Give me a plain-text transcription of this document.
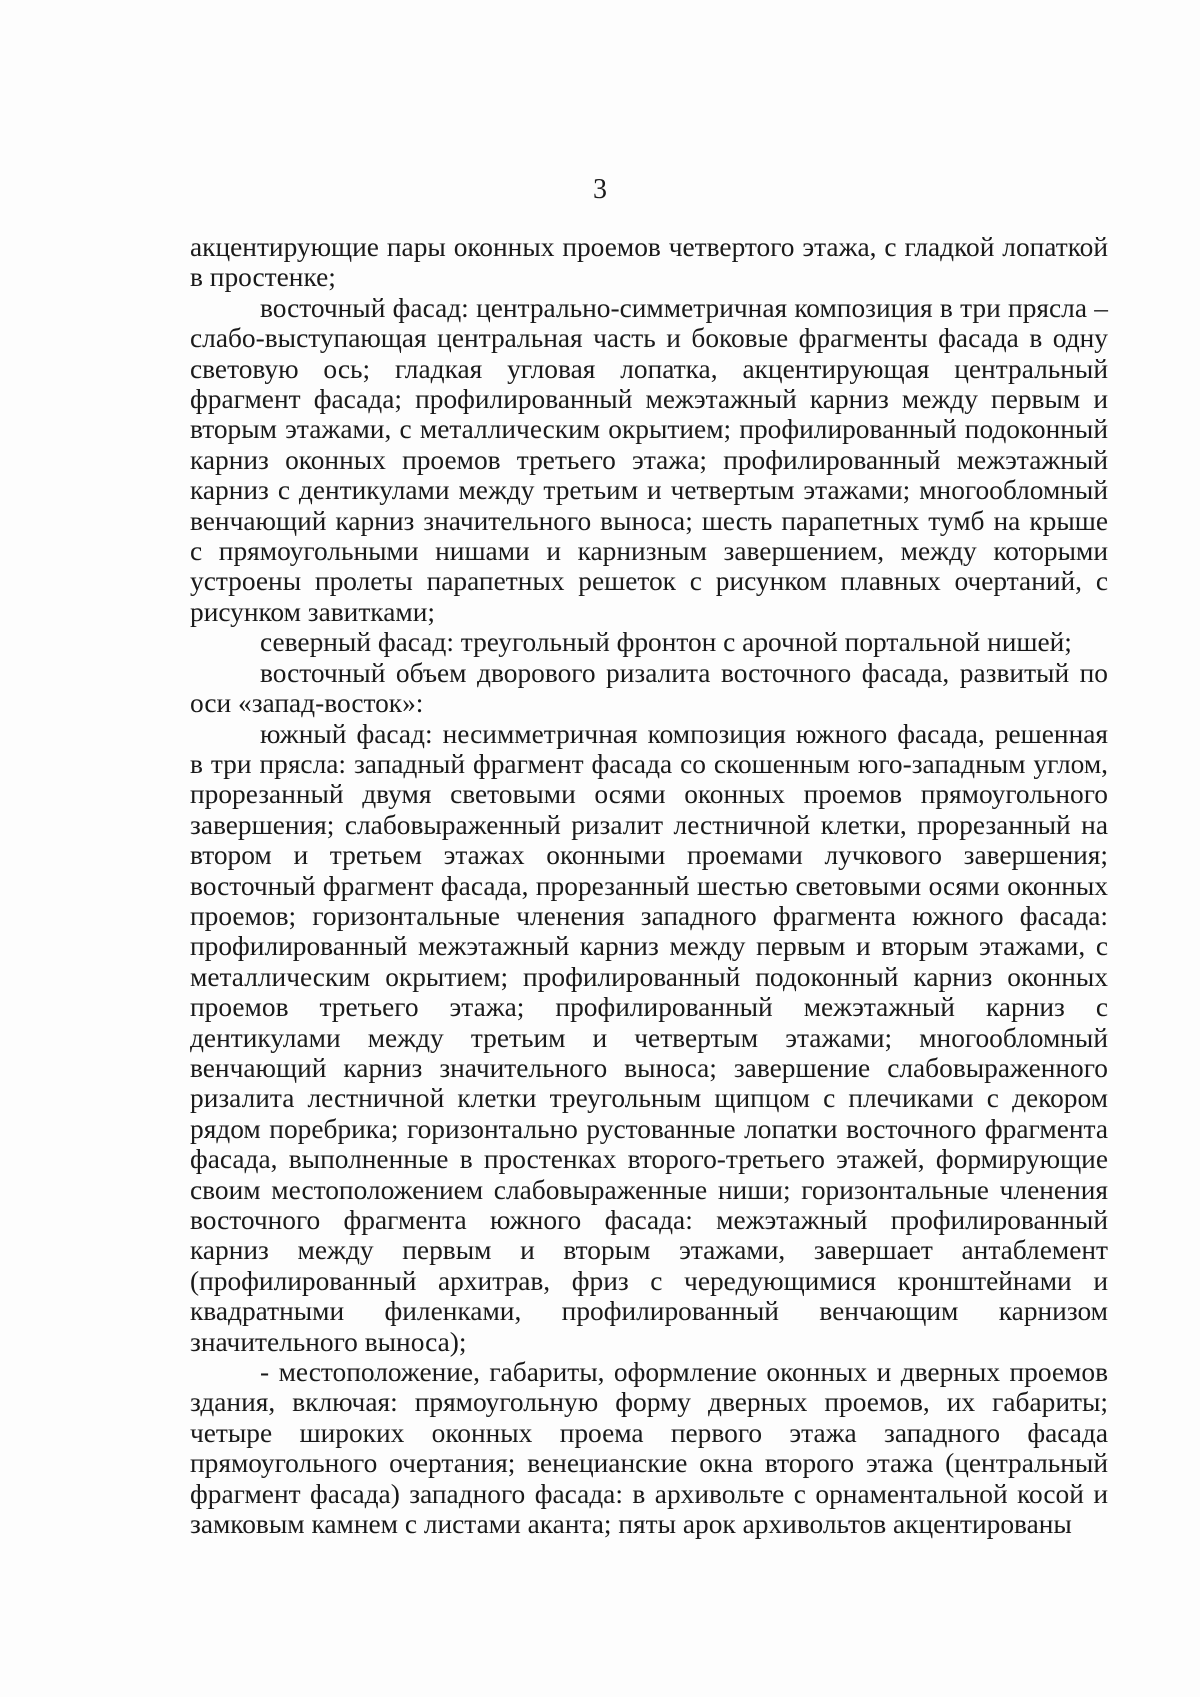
3

акцентирующие пары оконных проемов четвертого этажа, с гладкой лопаткой в простенке;

восточный фасад: центрально-симметричная композиция в три прясла – слабо-выступающая центральная часть и боковые фрагменты фасада в одну световую ось; гладкая угловая лопатка, акцентирующая центральный фрагмент фасада; профилированный межэтажный карниз между первым и вторым этажами, с металлическим окрытием; профилированный подоконный карниз оконных проемов третьего этажа; профилированный межэтажный карниз с дентикулами между третьим и четвертым этажами; многообломный венчающий карниз значительного выноса; шесть парапетных тумб на крыше с прямоугольными нишами и карнизным завершением, между которыми устроены пролеты парапетных решеток с рисунком плавных очертаний, с рисунком завитками;

северный фасад: треугольный фронтон с арочной портальной нишей;

восточный объем дворового ризалита восточного фасада, развитый по оси «запад-восток»:

южный фасад: несимметричная композиция южного фасада, решенная в три прясла: западный фрагмент фасада со скошенным юго-западным углом, прорезанный двумя световыми осями оконных проемов прямоугольного завершения; слабовыраженный ризалит лестничной клетки, прорезанный на втором и третьем этажах оконными проемами лучкового завершения; восточный фрагмент фасада, прорезанный шестью световыми осями оконных проемов; горизонтальные членения западного фрагмента южного фасада: профилированный межэтажный карниз между первым и вторым этажами, с металлическим окрытием; профилированный подоконный карниз оконных проемов третьего этажа; профилированный межэтажный карниз с дентикулами между третьим и четвертым этажами; многообломный венчающий карниз значительного выноса; завершение слабовыраженного ризалита лестничной клетки треугольным щипцом с плечиками с декором рядом поребрика; горизонтально рустованные лопатки восточного фрагмента фасада, выполненные в простенках второго-третьего этажей, формирующие своим местоположением слабовыраженные ниши; горизонтальные членения восточного фрагмента южного фасада: межэтажный профилированный карниз между первым и вторым этажами, завершает антаблемент (профилированный архитрав, фриз с чередующимися кронштейнами и квадратными филенками, профилированный венчающим карнизом значительного выноса);

- местоположение, габариты, оформление оконных и дверных проемов здания, включая: прямоугольную форму дверных проемов, их габариты; четыре широких оконных проема первого этажа западного фасада прямоугольного очертания; венецианские окна второго этажа (центральный фрагмент фасада) западного фасада: в архивольте с орнаментальной косой и замковым камнем с листами аканта; пяты арок архивольтов акцентированы
